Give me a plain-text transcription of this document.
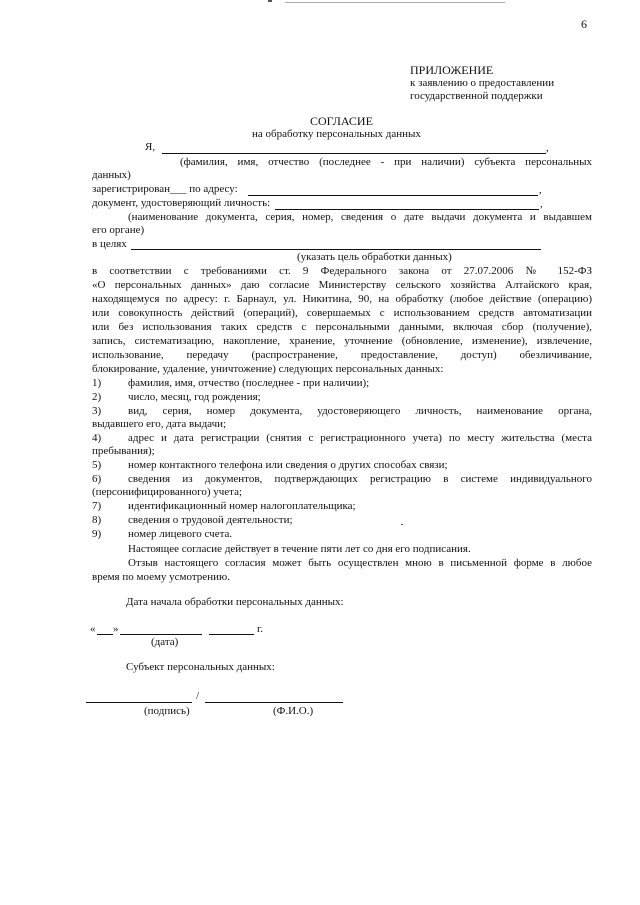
6
ПРИЛОЖЕНИЕ
к заявлению о предоставлении
государственной поддержки
СОГЛАСИЕ
на обработку персональных данных
Я,	,
(фамилия, имя, отчество (последнее - при наличии) субъекта персональных
данных)
зарегистрирован___ по адресу:	,
документ, удостоверяющий личность:	,
(наименование документа, серия, номер, сведения о дате выдачи документа и выдавшем
его органе)
в целях
(указать цель обработки данных)
в соответствии с требованиями ст. 9 Федерального закона от 27.07.2006 № 152-ФЗ
«О персональных данных» даю согласие Министерству сельского хозяйства Алтайского края,
находящемуся по адресу: г. Барнаул, ул. Никитина, 90, на обработку (любое действие (операцию)
или совокупность действий (операций), совершаемых с использованием средств автоматизации
или без использования таких средств с персональными данными, включая сбор (получение),
запись, систематизацию, накопление, хранение, уточнение (обновление, изменение), извлечение,
использование, передачу (распространение, предоставление, доступ) обезличивание,
блокирование, удаление, уничтожение) следующих персональных данных:
1) фамилия, имя, отчество (последнее - при наличии);
2) число, месяц, год рождения;
3) вид, серия, номер документа, удостоверяющего личность, наименование органа,
выдавшего его, дата выдачи;
4) адрес и дата регистрации (снятия с регистрационного учета) по месту жительства (места
пребывания);
5) номер контактного телефона или сведения о других способах связи;
6) сведения из документов, подтверждающих регистрацию в системе индивидуального
(персонифицированного) учета;
7) идентификационный номер налогоплательщика;
8) сведения о трудовой деятельности;
9) номер лицевого счета.
Настоящее согласие действует в течение пяти лет со дня его подписания.
Отзыв настоящего согласия может быть осуществлен мною в письменной форме в любое
время по моему усмотрению.
Дата начала обработки персональных данных:
« »	г.
(дата)
Субъект персональных данных:
/
(подпись)	(Ф.И.О.)
